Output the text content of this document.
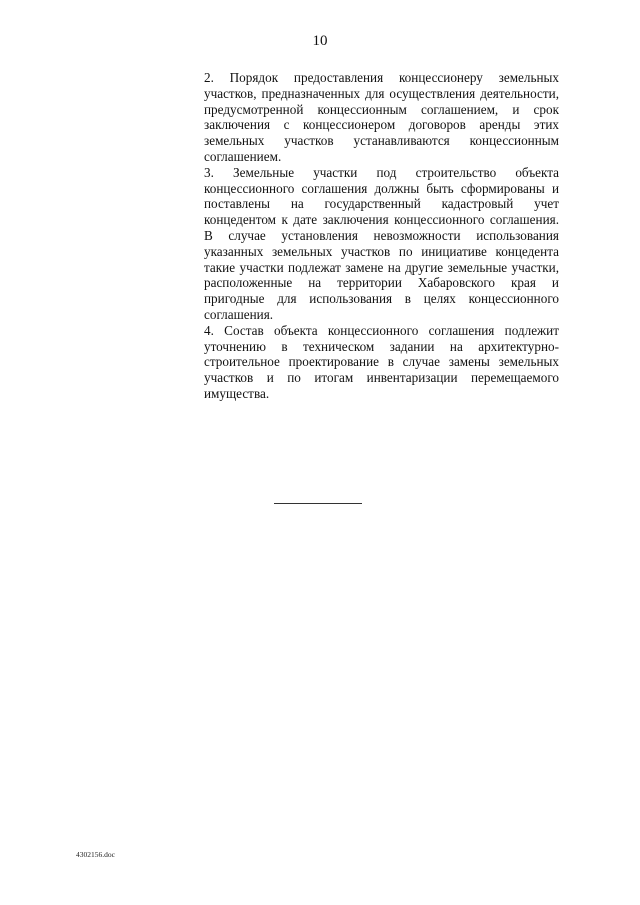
10

2. Порядок предоставления концессионеру земельных участков, предназначенных для осуществления деятельности, предусмотренной концессионным соглашением, и срок заключения с концессионером договоров аренды этих земельных участков устанавливаются концессионным соглашением.

3. Земельные участки под строительство объекта концессионного соглашения должны быть сформированы и поставлены на государственный кадастровый учет концедентом к дате заключения концессионного соглашения. В случае установления невозможности использования указанных земельных участков по инициативе концедента такие участки подлежат замене на другие земельные участки, расположенные на территории Хабаровского края и пригодные для использования в целях концессионного соглашения.

4. Состав объекта концессионного соглашения подлежит уточнению в техническом задании на архитектурно-строительное проектирование в случае замены земельных участков и по итогам инвентаризации перемещаемого имущества.

4302156.doc
